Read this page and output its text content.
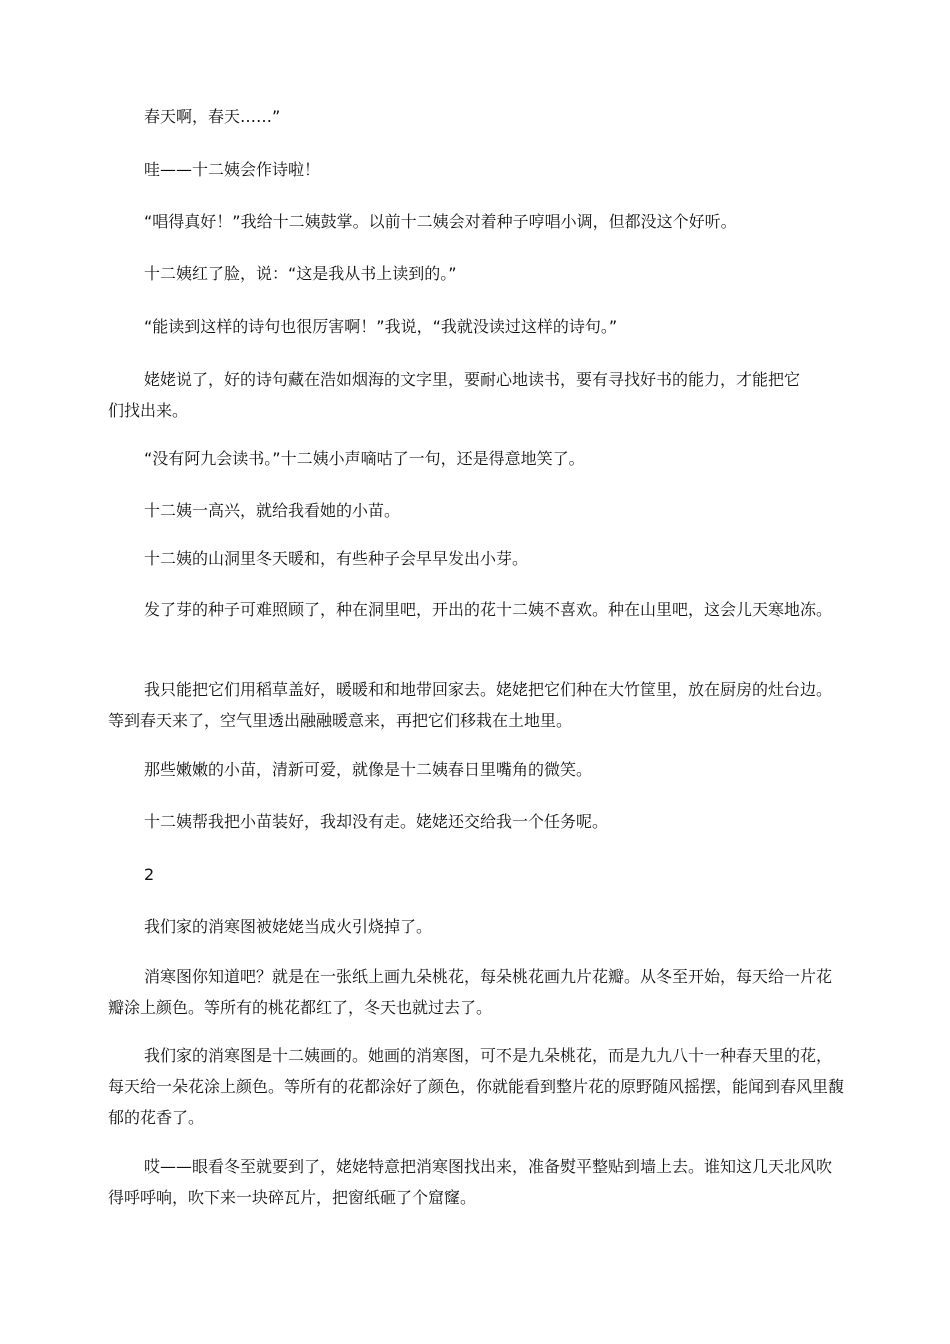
春天啊，春天……”

哇——十二姨会作诗啦！

“唱得真好！”我给十二姨鼓掌。以前十二姨会对着种子哼唱小调，但都没这个好听。

十二姨红了脸，说：“这是我从书上读到的。”

“能读到这样的诗句也很厉害啊！”我说，“我就没读过这样的诗句。”

姥姥说了，好的诗句藏在浩如烟海的文字里，要耐心地读书，要有寻找好书的能力，才能把它们找出来。

“没有阿九会读书。”十二姨小声嘀咕了一句，还是得意地笑了。

十二姨一高兴，就给我看她的小苗。

十二姨的山洞里冬天暖和，有些种子会早早发出小芽。

发了芽的种子可难照顾了，种在洞里吧，开出的花十二姨不喜欢。种在山里吧，这会儿天寒地冻。

我只能把它们用稻草盖好，暖暖和和地带回家去。姥姥把它们种在大竹筐里，放在厨房的灶台边。等到春天来了，空气里透出融融暖意来，再把它们移栽在土地里。

那些嫩嫩的小苗，清新可爱，就像是十二姨春日里嘴角的微笑。

十二姨帮我把小苗装好，我却没有走。姥姥还交给我一个任务呢。

2

我们家的消寒图被姥姥当成火引烧掉了。

消寒图你知道吧？就是在一张纸上画九朵桃花，每朵桃花画九片花瓣。从冬至开始，每天给一片花瓣涂上颜色。等所有的桃花都红了，冬天也就过去了。

我们家的消寒图是十二姨画的。她画的消寒图，可不是九朵桃花，而是九九八十一种春天里的花，每天给一朵花涂上颜色。等所有的花都涂好了颜色，你就能看到整片花的原野随风摇摆，能闻到春风里馥郁的花香了。

哎——眼看冬至就要到了，姥姥特意把消寒图找出来，准备熨平整贴到墙上去。谁知这几天北风吹得呼呼响，吹下来一块碎瓦片，把窗纸砸了个窟窿。
